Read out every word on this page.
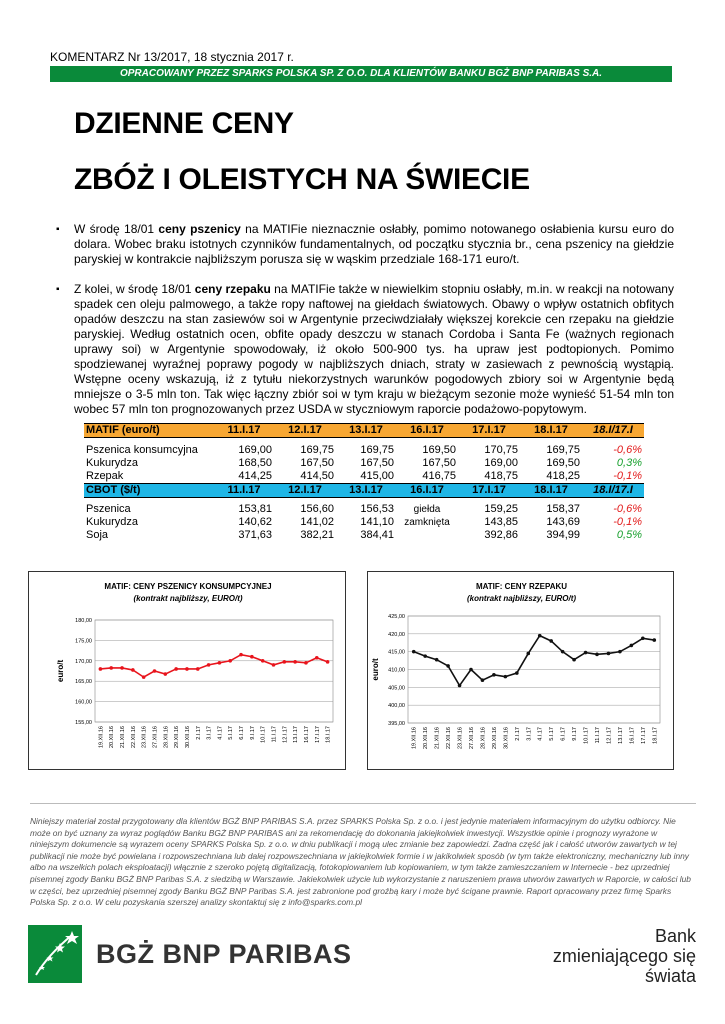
KOMENTARZ Nr 13/2017, 18 stycznia 2017 r.
OPRACOWANY PRZEZ SPARKS POLSKA SP. Z O.O. DLA KLIENTÓW BANKU BGŻ BNP PARIBAS S.A.
DZIENNE CENY
ZBÓŻ I OLEISTYCH NA ŚWIECIE
▪ W środę 18/01 ceny pszenicy na MATIFie nieznacznie osłabły, pomimo notowanego osłabienia kursu euro do dolara. Wobec braku istotnych czynników fundamentalnych, od początku stycznia br., cena pszenicy na giełdzie paryskiej w kontrakcie najbliższym porusza się w wąskim przedziale 168-171 euro/t.
▪ Z kolei, w środę 18/01 ceny rzepaku na MATIFie także w niewielkim stopniu osłabły, m.in. w reakcji na notowany spadek cen oleju palmowego, a także ropy naftowej na giełdach światowych. Obawy o wpływ ostatnich obfitych opadów deszczu na stan zasiewów soi w Argentynie przeciwdziałały większej korekcie cen rzepaku na giełdzie paryskiej. Według ostatnich ocen, obfite opady deszczu w stanach Cordoba i Santa Fe (ważnych regionach uprawy soi) w Argentynie spowodowały, iż około 500-900 tys. ha upraw jest podtopionych. Pomimo spodziewanej wyraźnej poprawy pogody w najbliższych dniach, straty w zasiewach z pewnością wystąpią. Wstępne oceny wskazują, iż z tytułu niekorzystnych warunków pogodowych zbiory soi w Argentynie będą mniejsze o 3-5 mln ton. Tak więc łączny zbiór soi w tym kraju w bieżącym sezonie może wynieść 51-54 mln ton wobec 57 mln ton prognozowanych przez USDA w styczniowym raporcie podażowo-popytowym.
MATIF (euro/t)	11.I.17	12.I.17	13.I.17	16.I.17	17.I.17	18.I.17	18.I/17.I

Pszenica konsumcyjna	169,00	169,75	169,75	169,50	170,75	169,75	-0,6%
Kukurydza	168,50	167,50	167,50	167,50	169,00	169,50	0,3%
Rzepak	414,25	414,50	415,00	416,75	418,75	418,25	-0,1%
CBOT ($/t)	11.I.17	12.I.17	13.I.17	16.I.17	17.I.17	18.I.17	18.I/17.I

Pszenica	153,81	156,60	156,53	giełda	159,25	158,37	-0,6%
Kukurydza	140,62	141,02	141,10	zamknięta	143,85	143,69	-0,1%
Soja	371,63	382,21	384,41		392,86	394,99	0,5%
MATIF: CENY PSZENICY KONSUMPCYJNEJ
(kontrakt najbliższy, EURO/t)
155,00
160,00
165,00
170,00
175,00
180,00
euro/t
19.XII.16 20.XII.16 21.XII.16 22.XII.16 23.XII.16 27.XII.16 28.XII.16 29.XII.16 30.XII.16 2.I.17 3.I.17 4.I.17 5.I.17 6.I.17 9.I.17 10.I.17 11.I.17 12.I.17 13.I.17 16.I.17 17.I.17 18.I.17
MATIF: CENY RZEPAKU
(kontrakt najbliższy, EURO/t)
395,00
400,00
405,00
410,00
415,00
420,00
425,00
euro/t
19.XII.16 20.XII.16 21.XII.16 22.XII.16 23.XII.16 27.XII.16 28.XII.16 29.XII.16 30.XII.16 2.I.17 3.I.17 4.I.17 5.I.17 6.I.17 9.I.17 10.I.17 11.I.17 12.I.17 13.I.17 16.I.17 17.I.17 18.I.17
Niniejszy materiał został przygotowany dla klientów BGŻ BNP PARIBAS S.A. przez SPARKS Polska Sp. z o.o. i jest jedynie materiałem informacyjnym do użytku odbiorcy. Nie może on być uznany za wyraz poglądów Banku BGŻ BNP PARIBAS ani za rekomendację do dokonania jakiejkolwiek inwestycji. Wszystkie opinie i prognozy wyrażone w niniejszym dokumencie są wyrazem oceny SPARKS Polska Sp. z o.o. w dniu publikacji i mogą ulec zmianie bez zapowiedzi. Żadna część jak i całość utworów zawartych w tej publikacji nie może być powielana i rozpowszechniana lub dalej rozpowszechniana w jakiejkolwiek formie i w jakikolwiek sposób (w tym także elektroniczny, mechaniczny lub inny albo na wszelkich polach eksploatacji) włącznie z szeroko pojętą digitalizacją, fotokopiowaniem lub kopiowaniem, w tym także zamieszczaniem w Internecie - bez uprzedniej pisemnej zgody Banku BGŻ BNP Paribas S.A. z siedzibą w Warszawie. Jakiekolwiek użycie lub wykorzystanie z naruszeniem prawa utworów zawartych w Raporcie, w całości lub w części, bez uprzedniej pisemnej zgody Banku BGŻ BNP Paribas S.A. jest zabronione pod groźbą kary i może być ścigane prawnie. Raport opracowany przez firmę Sparks Polska Sp. z o.o. W celu pozyskania szerszej analizy skontaktuj się z info@sparks.com.pl
BGŻ BNP PARIBAS
Bank
zmieniającego się
świata
